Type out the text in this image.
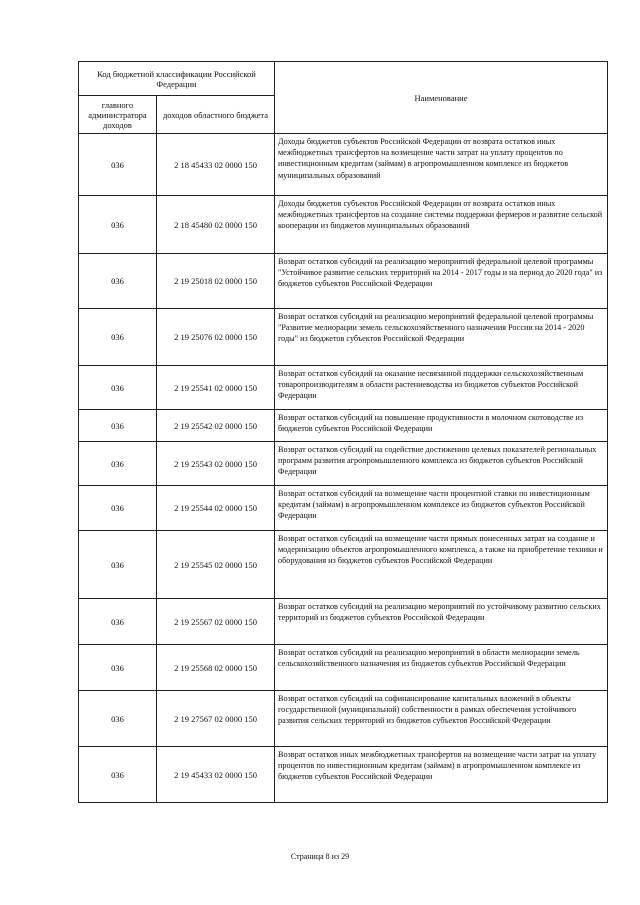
Код бюджетной классификации Российской Федерации		Наименование
главного администратора доходов	доходов областного бюджета	
036	2 18 45433 02 0000 150	Доходы бюджетов субъектов Российской Федерации от возврата остатков иных межбюджетных трансфертов на возмещение части затрат на уплату процентов по инвестиционным кредитам (займам) в агропромышленном комплексе из бюджетов муниципальных образований
036	2 18 45480 02 0000 150	Доходы бюджетов субъектов Российской Федерации от возврата остатков иных межбюджетных трансфертов на создание системы поддержки фермеров и развитие сельской кооперации из бюджетов муниципальных образований
036	2 19 25018 02 0000 150	Возврат остатков субсидий на реализацию мероприятий федеральной целевой программы "Устойчивое развитие сельских территорий на 2014 - 2017 годы и на период до 2020 года" из бюджетов субъектов Российской Федерации
036	2 19 25076 02 0000 150	Возврат остатков субсидий на реализацию мероприятий федеральной целевой программы "Развитие мелиорации земель сельскохозяйственного назначения России на 2014 - 2020 годы" из бюджетов субъектов Российской Федерации
036	2 19 25541 02 0000 150	Возврат остатков субсидий на оказание несвязанной поддержки сельскохозяйственным товаропроизводителям в области растениеводства из бюджетов субъектов Российской Федерации
036	2 19 25542 02 0000 150	Возврат остатков субсидий на повышение продуктивности в молочном скотоводстве из бюджетов субъектов Российской Федерации
036	2 19 25543 02 0000 150	Возврат остатков субсидий на содействие достижению целевых показателей региональных программ развития агропромышленного комплекса из бюджетов субъектов Российской Федерации
036	2 19 25544 02 0000 150	Возврат остатков субсидий на возмещение части процентной ставки по инвестиционным кредитам (займам) в агропромышленном комплексе из бюджетов субъектов Российской Федерации
036	2 19 25545 02 0000 150	Возврат остатков субсидий на возмещение части прямых понесенных затрат на создание и модернизацию объектов агропромышленного комплекса, а также на приобретение техники и оборудования из бюджетов субъектов Российской Федерации
036	2 19 25567 02 0000 150	Возврат остатков субсидий на реализацию мероприятий по устойчивому развитию сельских территорий из бюджетов субъектов Российской Федерации
036	2 19 25568 02 0000 150	Возврат остатков субсидий на реализацию мероприятий в области мелиорации земель сельскохозяйственного назначения из бюджетов субъектов Российской Федерации
036	2 19 27567 02 0000 150	Возврат остатков субсидий на софинансирование капитальных вложений в объекты государственной (муниципальной) собственности в рамках обеспечения устойчивого развития сельских территорий из бюджетов субъектов Российской Федерации
036	2 19 45433 02 0000 150	Возврат остатков иных межбюджетных трансфертов на возмещение части затрат на уплату процентов по инвестиционным кредитам (займам) в агропромышленном комплексе из бюджетов субъектов Российской Федерации
Страница 8 из 29
